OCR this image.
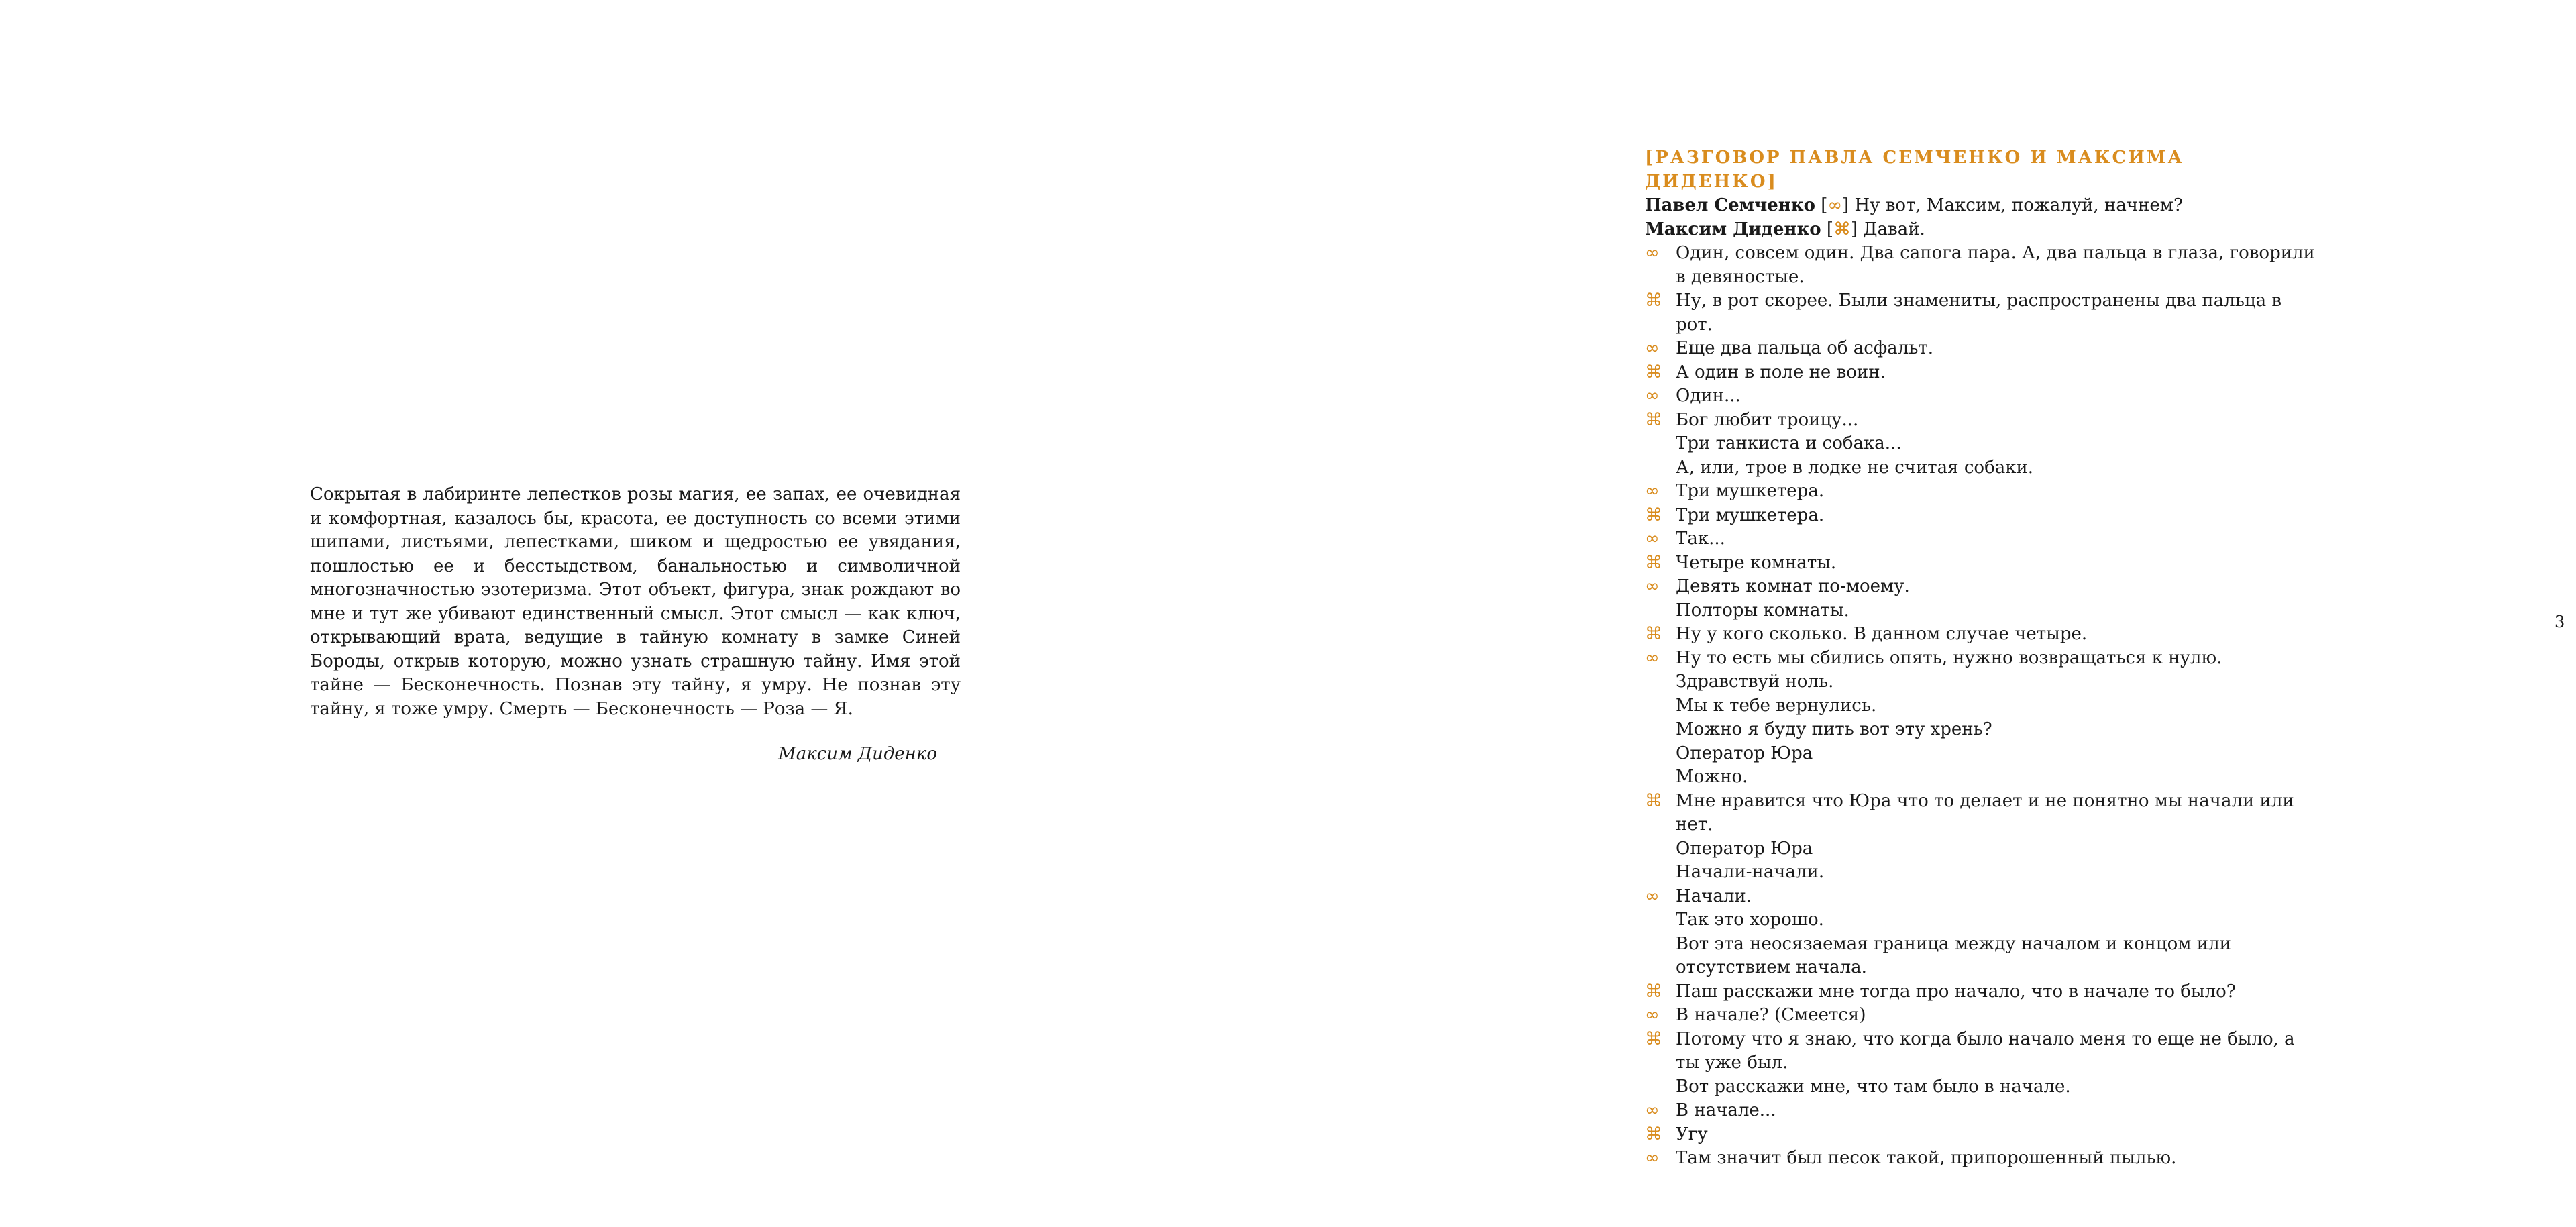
Сокрытая в лабиринте лепестков розы магия, ее запах, ее очевидная и комфортная, казалось бы, красота, ее доступность со всеми этими шипами, листьями, лепестками, шиком и щедростью ее увядания, пошлостью ее и бесстыдством, банальностью и символичной многозначностью эзотеризма. Этот объект, фигура, знак рождают во мне и тут же убивают единственный смысл. Этот смысл — как ключ, открывающий врата, ведущие в тайную комнату в замке Синей Бороды, открыв которую, можно узнать страшную тайну. Имя этой тайне — Бесконечность. Познав эту тайну, я умру. Не познав эту тайну, я тоже умру. Смерть — Бесконечность — Роза — Я.

Максим Диденко
[РАЗГОВОР ПАВЛА СЕМЧЕНКО И МАКСИМА ДИДЕНКО]
Павел Семченко [∞] Ну вот, Максим, пожалуй, начнем?
Максим Диденко [⌘] Давай.
∞ Один, совсем один. Два сапога пара. А, два пальца в глаза, говорили в девяностые.
⌘ Ну, в рот скорее. Были знамениты, распространены два пальца в рот.
∞ Еще два пальца об асфальт.
⌘ А один в поле не воин.
∞ Один...
⌘ Бог любит троицу...
Три танкиста и собака...
А, или, трое в лодке не считая собаки.
∞ Три мушкетера.
⌘ Три мушкетера.
∞ Так...
⌘ Четыре комнаты.
∞ Девять комнат по-моему.
Полторы комнаты.
⌘ Ну у кого сколько. В данном случае четыре.
∞ Ну то есть мы сбились опять, нужно возвращаться к нулю.
Здравствуй ноль.
Мы к тебе вернулись.
Можно я буду пить вот эту хрень?
Оператор Юра
Можно.
⌘ Мне нравится что Юра что то делает и не понятно мы начали или нет.
Оператор Юра
Начали-начали.
∞ Начали.
Так это хорошо.
Вот эта неосязаемая граница между началом и концом или отсутствием начала.
⌘ Паш расскажи мне тогда про начало, что в начале то было?
∞ В начале? (Смеется)
⌘ Потому что я знаю, что когда было начало меня то еще не было, а ты уже был.
Вот расскажи мне, что там было в начале.
∞ В начале...
⌘ Угу
∞ Там значит был песок такой, припорошенный пылью.
3
